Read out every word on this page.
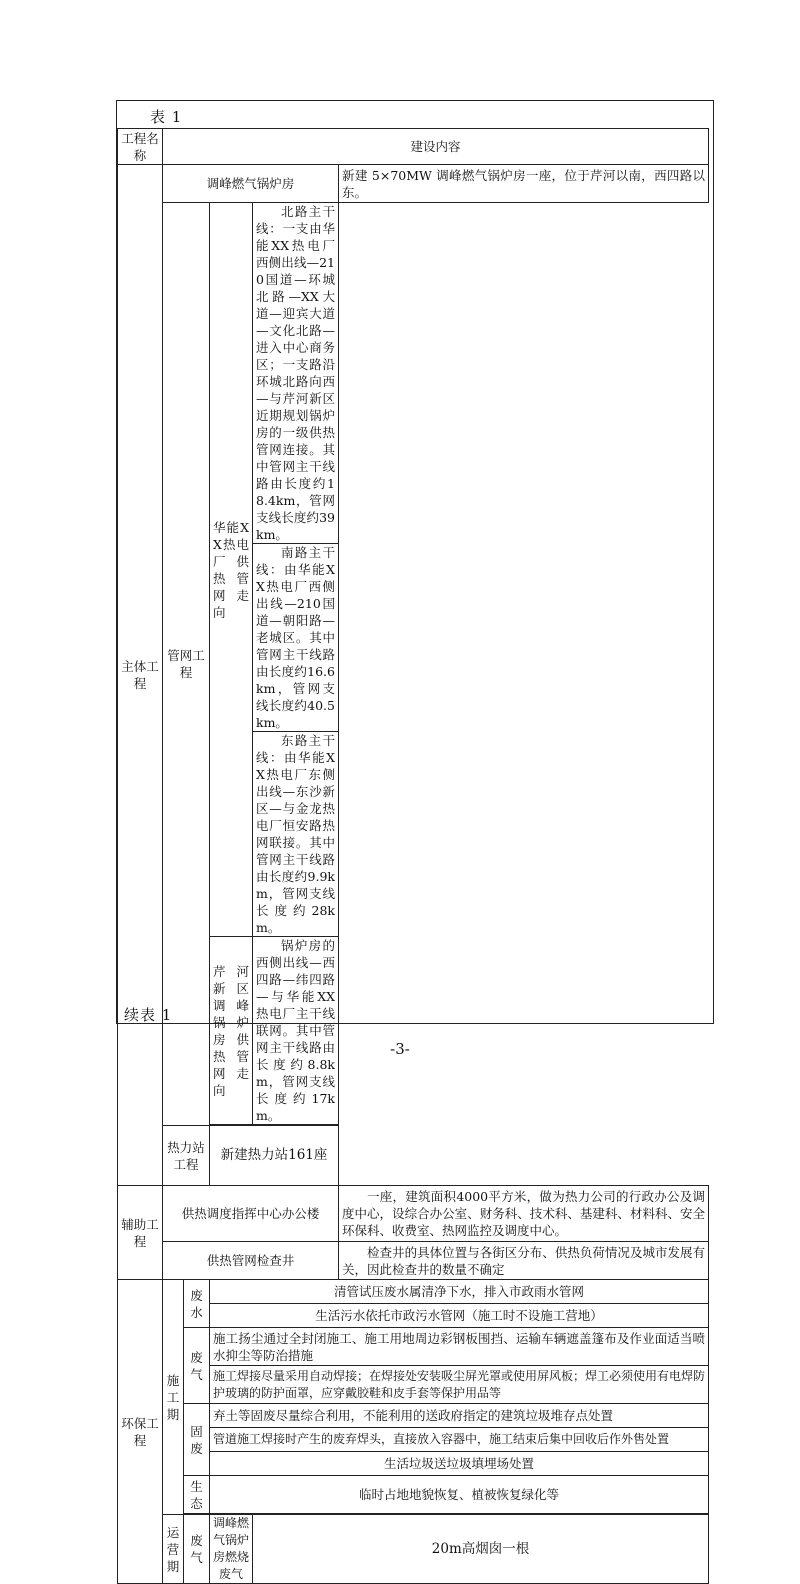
表 1
工程名称	建设内容				
主体工程	调峰燃气锅炉房				新建 5×70MW 调峰燃气锅炉房一座，位于芹河以南，西四路以东。
	管网工程		华能XX热电厂供热管网走向	北路主干线：一支由华能XX热电厂西侧出线—210国道—环城北路—XX大道—迎宾大道—文化北路—进入中心商务区；一支路沿环城北路向西—与芹河新区近期规划锅炉房的一级供热管网连接。其中管网主干线路由长度约18.4km，管网支线长度约39km。	
				南路主干线：由华能XX热电厂西侧出线—210国道—朝阳路—老城区。其中管网主干线路由长度约16.6km，管网支线长度约40.5km。	
				东路主干线：由华能XX热电厂东侧出线—东沙新区—与金龙热电厂恒安路热网联接。其中管网主干线路由长度约9.9km，管网支线长度约28km。	
			芹河新区调峰锅炉房供热管网走向	锅炉房的西侧出线—西四路—纬四路—与华能XX热电厂主干线联网。其中管网主干线路由长度约8.8km，管网支线长度约17km。	

	热力站工程		新建热力站161座		
辅助工程	供热调度指挥中心办公楼				一座，建筑面积4000平方米，做为热力公司的行政办公及调度中心，设综合办公室、财务科、技术科、基建科、材料科、安全环保科、收费室、热网监控及调度中心。
	供热管网检查井				检查井的具体位置与各街区分布、供热负荷情况及城市发展有关，因此检查井的数量不确定
环保工程	施工期	废水	清管试压废水属清净下水，排入市政雨水管网		
			生活污水依托市政污水管网（施工时不设施工营地）		
		废气	施工扬尘通过全封闭施工、施工用地周边彩钢板围挡、运输车辆遮盖篷布及作业面适当喷水抑尘等防治措施		
			施工焊接尽量采用自动焊接；在焊接处安装吸尘屏光罩或使用屏风板；焊工必须使用有电焊防护玻璃的防护面罩，应穿戴胶鞋和皮手套等保护用品等		
		固废	弃土等固废尽量综合利用，不能利用的送政府指定的建筑垃圾堆存点处置		
			管道施工焊接时产生的废弃焊头，直接放入容器中，施工结束后集中回收后作外售处置		
			生活垃圾送垃圾填埋场处置		
		生态	临时占地地貌恢复、植被恢复绿化等		

	运营期	废气	调峰燃气锅炉房燃烧废气	20m高烟囱一根	
续表 1
-3-
